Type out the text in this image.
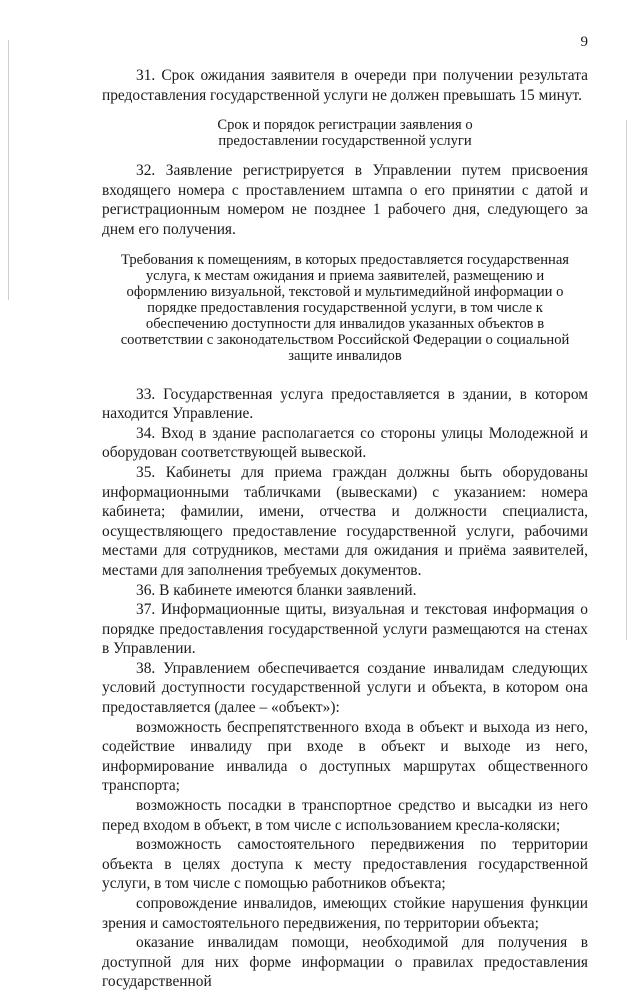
9

31. Срок ожидания заявителя в очереди при получении результата предоставления государственной услуги не должен превышать 15 минут.

Срок и порядок регистрации заявления о предоставлении государственной услуги

32. Заявление регистрируется в Управлении путем присвоения входящего номера с проставлением штампа о его принятии с датой и регистрационным номером не позднее 1 рабочего дня, следующего за днем его получения.

Требования к помещениям, в которых предоставляется государственная услуга, к местам ожидания и приема заявителей, размещению и оформлению визуальной, текстовой и мультимедийной информации о порядке предоставления государственной услуги, в том числе к обеспечению доступности для инвалидов указанных объектов в соответствии с законодательством Российской Федерации о социальной защите инвалидов

33. Государственная услуга предоставляется в здании, в котором находится Управление.

34. Вход в здание располагается со стороны улицы Молодежной и оборудован соответствующей вывеской.

35. Кабинеты для приема граждан должны быть оборудованы информационными табличками (вывесками) с указанием: номера кабинета; фамилии, имени, отчества и должности специалиста, осуществляющего предоставление государственной услуги, рабочими местами для сотрудников, местами для ожидания и приёма заявителей, местами для заполнения требуемых документов.

36. В кабинете имеются бланки заявлений.

37. Информационные щиты, визуальная и текстовая информация о порядке предоставления государственной услуги размещаются на стенах в Управлении.

38. Управлением обеспечивается создание инвалидам следующих условий доступности государственной услуги и объекта, в котором она предоставляется (далее – «объект»):

возможность беспрепятственного входа в объект и выхода из него, содействие инвалиду при входе в объект и выходе из него, информирование инвалида о доступных маршрутах общественного транспорта;

возможность посадки в транспортное средство и высадки из него перед входом в объект, в том числе с использованием кресла-коляски;

возможность самостоятельного передвижения по территории объекта в целях доступа к месту предоставления государственной услуги, в том числе с помощью работников объекта;

сопровождение инвалидов, имеющих стойкие нарушения функции зрения и самостоятельного передвижения, по территории объекта;

оказание инвалидам помощи, необходимой для получения в доступной для них форме информации о правилах предоставления государственной
